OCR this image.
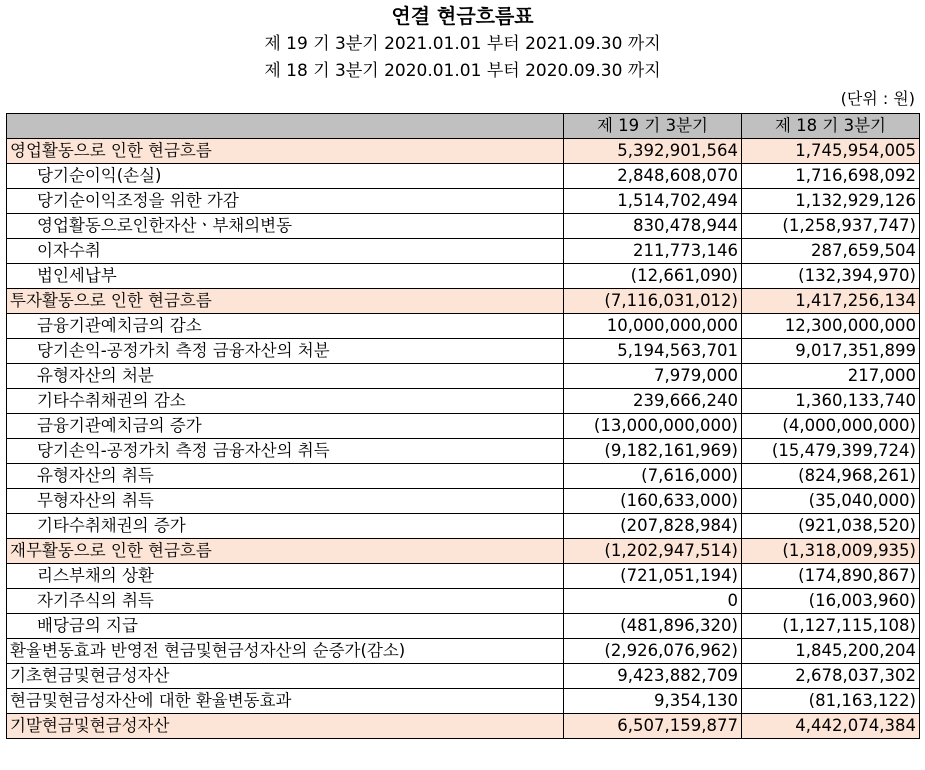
연결 현금흐름표
제 19 기 3분기 2021.01.01 부터 2021.09.30 까지
제 18 기 3분기 2020.01.01 부터 2020.09.30 까지
(단위 : 원)
	제 19 기 3분기	제 18 기 3분기
영업활동으로 인한 현금흐름	5,392,901,564	1,745,954,005
당기순이익(손실)	2,848,608,070	1,716,698,092
당기순이익조정을 위한 가감	1,514,702,494	1,132,929,126
영업활동으로인한자산ㆍ부채의변동	830,478,944	(1,258,937,747)
이자수취	211,773,146	287,659,504
법인세납부	(12,661,090)	(132,394,970)
투자활동으로 인한 현금흐름	(7,116,031,012)	1,417,256,134
금융기관예치금의 감소	10,000,000,000	12,300,000,000
당기손익-공정가치 측정 금융자산의 처분	5,194,563,701	9,017,351,899
유형자산의 처분	7,979,000	217,000
기타수취채권의 감소	239,666,240	1,360,133,740
금융기관예치금의 증가	(13,000,000,000)	(4,000,000,000)
당기손익-공정가치 측정 금융자산의 취득	(9,182,161,969)	(15,479,399,724)
유형자산의 취득	(7,616,000)	(824,968,261)
무형자산의 취득	(160,633,000)	(35,040,000)
기타수취채권의 증가	(207,828,984)	(921,038,520)
재무활동으로 인한 현금흐름	(1,202,947,514)	(1,318,009,935)
리스부채의 상환	(721,051,194)	(174,890,867)
자기주식의 취득	0	(16,003,960)
배당금의 지급	(481,896,320)	(1,127,115,108)
환율변동효과 반영전 현금및현금성자산의 순증가(감소)	(2,926,076,962)	1,845,200,204
기초현금및현금성자산	9,423,882,709	2,678,037,302
현금및현금성자산에 대한 환율변동효과	9,354,130	(81,163,122)
기말현금및현금성자산	6,507,159,877	4,442,074,384
